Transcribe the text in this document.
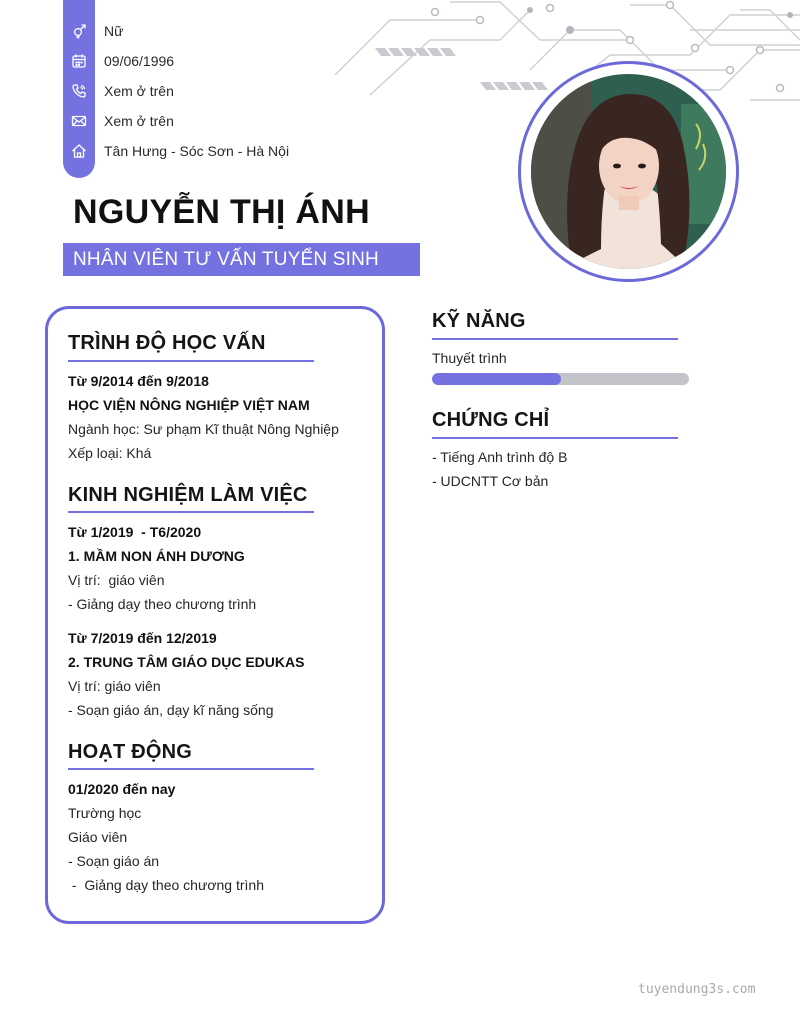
Nữ
09/06/1996
Xem ở trên
Xem ở trên
Tân Hưng - Sóc Sơn - Hà Nội
NGUYỄN THỊ ÁNH
NHÂN VIÊN TƯ VẤN TUYỂN SINH
TRÌNH ĐỘ HỌC VẤN
Từ 9/2014 đến 9/2018
HỌC VIỆN NÔNG NGHIỆP VIỆT NAM
Ngành học: Sư phạm Kĩ thuật Nông Nghiệp
Xếp loại: Khá
KINH NGHIỆM LÀM VIỆC
Từ 1/2019  - T6/2020
1. MẦM NON ÁNH DƯƠNG
Vị trí:  giáo viên
- Giảng dạy theo chương trình
Từ 7/2019 đến 12/2019
2. TRUNG TÂM GIÁO DỤC EDUKAS
Vị trí: giáo viên
- Soạn giáo án, dạy kĩ năng sống
HOẠT ĐỘNG
01/2020 đến nay
Trường học
Giáo viên
- Soạn giáo án
-  Giảng dạy theo chương trình
KỸ NĂNG
Thuyết trình
CHỨNG CHỈ
- Tiếng Anh trình độ B
- UDCNTT Cơ bản
tuyendung3s.com
